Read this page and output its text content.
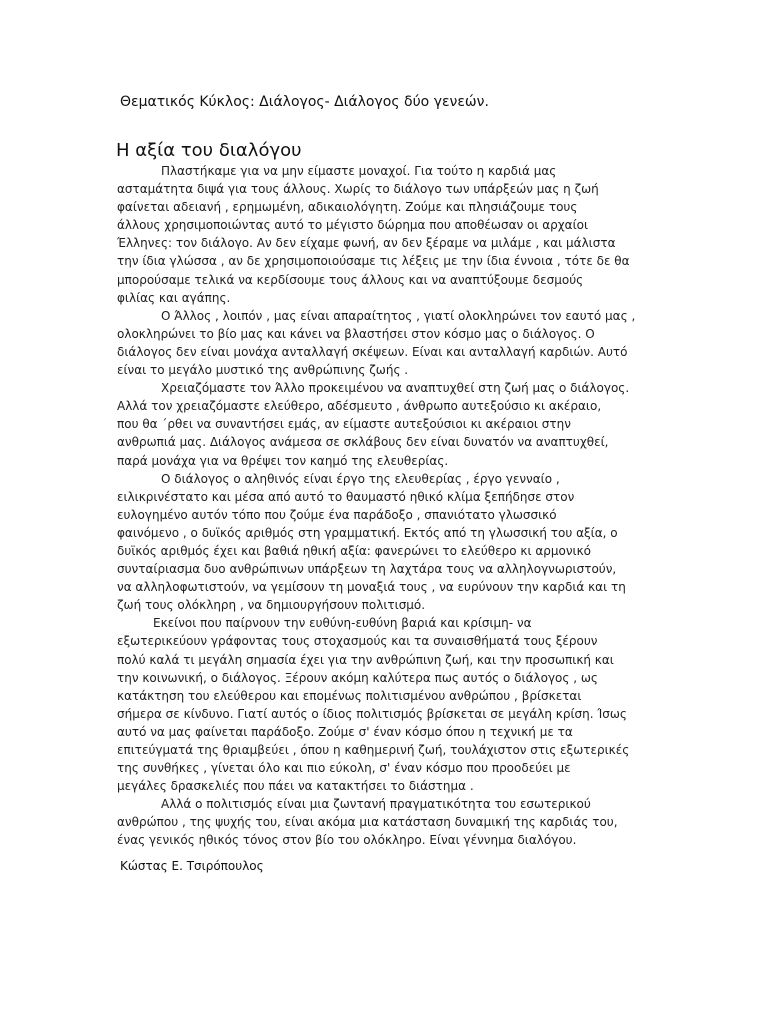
Θεματικός Κύκλος: Διάλογος- Διάλογος δύο γενεών.
Η αξία του διαλόγου
Πλαστήκαμε για να μην είμαστε μοναχοί. Για τούτο η καρδιά μας
ασταμάτητα διψά για τους άλλους. Χωρίς το διάλογο των υπάρξεών μας η ζωή
φαίνεται αδειανή , ερημωμένη, αδικαιολόγητη. Ζούμε και πλησιάζουμε τους
άλλους χρησιμοποιώντας αυτό το μέγιστο δώρημα που αποθέωσαν οι αρχαίοι
Έλληνες: τον διάλογο. Αν δεν είχαμε φωνή, αν δεν ξέραμε να μιλάμε , και μάλιστα
την ίδια γλώσσα , αν δε χρησιμοποιούσαμε τις λέξεις με την ίδια έννοια , τότε δε θα
μπορούσαμε τελικά να κερδίσουμε τους άλλους και να αναπτύξουμε δεσμούς
φιλίας και αγάπης.
Ο Άλλος , λοιπόν , μας είναι απαραίτητος , γιατί ολοκληρώνει τον εαυτό μας ,
ολοκληρώνει το βίο μας και κάνει να βλαστήσει στον κόσμο μας ο διάλογος. Ο
διάλογος δεν είναι μονάχα ανταλλαγή σκέψεων. Είναι και ανταλλαγή καρδιών. Αυτό
είναι το μεγάλο μυστικό της ανθρώπινης ζωής .
Χρειαζόμαστε τον Άλλο προκειμένου να αναπτυχθεί στη ζωή μας ο διάλογος.
Αλλά τον χρειαζόμαστε ελεύθερο, αδέσμευτο , άνθρωπο αυτεξούσιο κι ακέραιο,
που θα ΄ρθει να συναντήσει εμάς, αν είμαστε αυτεξούσιοι κι ακέραιοι στην
ανθρωπιά μας. Διάλογος ανάμεσα σε σκλάβους δεν είναι δυνατόν να αναπτυχθεί,
παρά μονάχα για να θρέψει τον καημό της ελευθερίας.
Ο διάλογος ο αληθινός είναι έργο της ελευθερίας , έργο γενναίο ,
ειλικρινέστατο και μέσα από αυτό το θαυμαστό ηθικό κλίμα ξεπήδησε στον
ευλογημένο αυτόν τόπο που ζούμε ένα παράδοξο , σπανιότατο γλωσσικό
φαινόμενο , ο δυϊκός αριθμός στη γραμματική. Εκτός από τη γλωσσική του αξία, ο
δυϊκός αριθμός έχει και βαθιά ηθική αξία: φανερώνει το ελεύθερο κι αρμονικό
συνταίριασμα δυο ανθρώπινων υπάρξεων τη λαχτάρα τους να αλληλογνωριστούν,
να αλληλοφωτιστούν, να γεμίσουν τη μοναξιά τους , να ευρύνουν την καρδιά και τη
ζωή τους ολόκληρη , να δημιουργήσουν πολιτισμό.
Εκείνοι που παίρνουν την ευθύνη-ευθύνη βαριά και κρίσιμη- να
εξωτερικεύουν γράφοντας τους στοχασμούς και τα συναισθήματά τους ξέρουν
πολύ καλά τι μεγάλη σημασία έχει για την ανθρώπινη ζωή, και την προσωπική και
την κοινωνική, ο διάλογος. Ξέρουν ακόμη καλύτερα πως αυτός ο διάλογος , ως
κατάκτηση του ελεύθερου και επομένως πολιτισμένου ανθρώπου , βρίσκεται
σήμερα σε κίνδυνο. Γιατί αυτός ο ίδιος πολιτισμός βρίσκεται σε μεγάλη κρίση. Ίσως
αυτό να μας φαίνεται παράδοξο. Ζούμε σ' έναν κόσμο όπου η τεχνική με τα
επιτεύγματά της θριαμβεύει , όπου η καθημερινή ζωή, τουλάχιστον στις εξωτερικές
της συνθήκες , γίνεται όλο και πιο εύκολη, σ' έναν κόσμο που προοδεύει με
μεγάλες δρασκελιές που πάει να κατακτήσει το διάστημα .
Αλλά ο πολιτισμός είναι μια ζωντανή πραγματικότητα του εσωτερικού
ανθρώπου , της ψυχής του, είναι ακόμα μια κατάσταση δυναμική της καρδιάς του,
ένας γενικός ηθικός τόνος στον βίο του ολόκληρο. Είναι γέννημα διαλόγου.
Κώστας Ε. Τσιρόπουλος
